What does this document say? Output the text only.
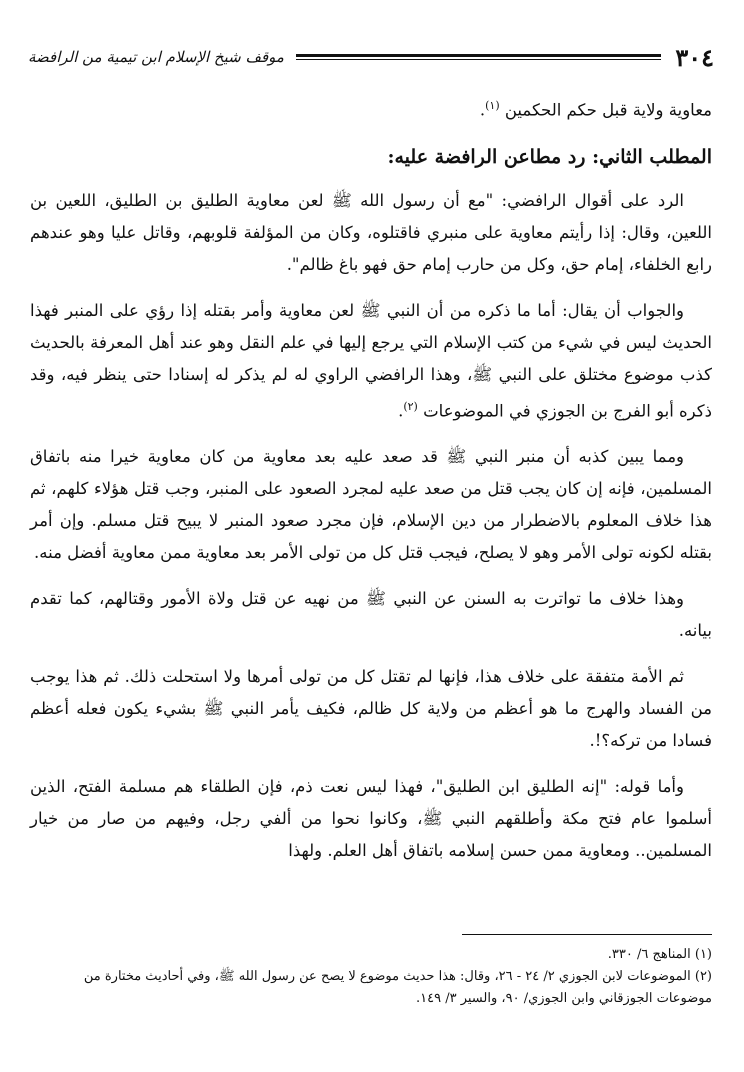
٣٠٤
موقف شيخ الإسلام ابن تيمية من الرافضة

معاوية ولاية قبل حكم الحكمين $^{(١)}$.

المطلب الثاني: رد مطاعن الرافضة عليه:

الرد على أقوال الرافضي: "مع أن رسول الله ﷺ لعن معاوية الطليق بن الطليق، اللعين بن اللعين، وقال: إذا رأيتم معاوية على منبري فاقتلوه، وكان من المؤلفة قلوبهم، وقاتل عليا وهو عندهم رابع الخلفاء، إمام حق، وكل من حارب إمام حق فهو باغ ظالم".

والجواب أن يقال: أما ما ذكره من أن النبي ﷺ لعن معاوية وأمر بقتله إذا رؤي على المنبر فهذا الحديث ليس في شيء من كتب الإسلام التي يرجع إليها في علم النقل وهو عند أهل المعرفة بالحديث كذب موضوع مختلق على النبي ﷺ، وهذا الرافضي الراوي له لم يذكر له إسنادا حتى ينظر فيه، وقد ذكره أبو الفرج بن الجوزي في الموضوعات $^{(٢)}$.

ومما يبين كذبه أن منبر النبي ﷺ قد صعد عليه بعد معاوية من كان معاوية خيرا منه باتفاق المسلمين، فإنه إن كان يجب قتل من صعد عليه لمجرد الصعود على المنبر، وجب قتل هؤلاء كلهم، ثم هذا خلاف المعلوم بالاضطرار من دين الإسلام، فإن مجرد صعود المنبر لا يبيح قتل مسلم. وإن أمر بقتله لكونه تولى الأمر وهو لا يصلح، فيجب قتل كل من تولى الأمر بعد معاوية ممن معاوية أفضل منه.

وهذا خلاف ما تواترت به السنن عن النبي ﷺ من نهيه عن قتل ولاة الأمور وقتالهم، كما تقدم بيانه.

ثم الأمة متفقة على خلاف هذا، فإنها لم تقتل كل من تولى أمرها ولا استحلت ذلك. ثم هذا يوجب من الفساد والهرج ما هو أعظم من ولاية كل ظالم، فكيف يأمر النبي ﷺ بشيء يكون فعله أعظم فسادا من تركه؟!.

وأما قوله: "إنه الطليق ابن الطليق"، فهذا ليس نعت ذم، فإن الطلقاء هم مسلمة الفتح، الذين أسلموا عام فتح مكة وأطلقهم النبي ﷺ، وكانوا نحوا من ألفي رجل، وفيهم من صار من خيار المسلمين.. ومعاوية ممن حسن إسلامه باتفاق أهل العلم. ولهذا

(١) المناهج ٦/ ٣٣٠.
(٢) الموضوعات لابن الجوزي ٢/ ٢٤ - ٢٦، وقال: هذا حديث موضوع لا يصح عن رسول الله ﷺ، وفي أحاديث مختارة من موضوعات الجوزقاني وابن الجوزي/ ٩٠، والسير ٣/ ١٤٩.
